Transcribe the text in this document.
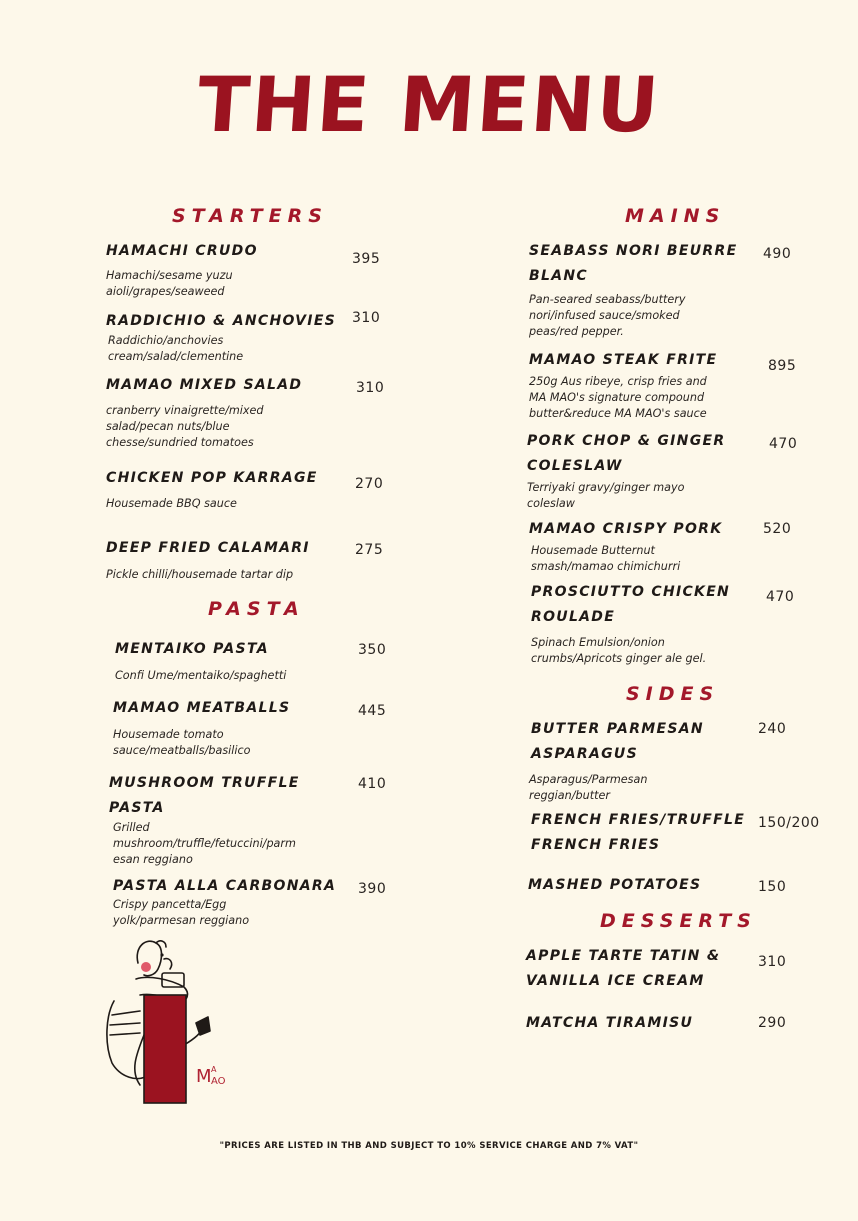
THE MENU
STARTERS
PASTA
MAINS
SIDES
DESSERTS
HAMACHI CRUDO
Hamachi/sesame yuzu
aioli/grapes/seaweed
395
RADDICHIO & ANCHOVIES
Raddichio/anchovies
cream/salad/clementine
310
MAMAO MIXED SALAD
cranberry vinaigrette/mixed
salad/pecan nuts/blue
chesse/sundried tomatoes
310
CHICKEN POP KARRAGE
Housemade BBQ sauce
270
DEEP FRIED CALAMARI
Pickle chilli/housemade tartar dip
275
MENTAIKO PASTA
Confi Ume/mentaiko/spaghetti
350
MAMAO MEATBALLS
Housemade tomato
sauce/meatballs/basilico
445
MUSHROOM TRUFFLE
PASTA
Grilled
mushroom/truffle/fetuccini/parm
esan reggiano
410
PASTA ALLA CARBONARA
Crispy pancetta/Egg
yolk/parmesan reggiano
390
SEABASS NORI BEURRE
BLANC
Pan-seared seabass/buttery
nori/infused sauce/smoked
peas/red pepper.
490
MAMAO STEAK FRITE
250g Aus ribeye, crisp fries and
MA MAO's signature compound
butter&reduce MA MAO's sauce
895
PORK CHOP & GINGER
COLESLAW
Terriyaki gravy/ginger mayo
coleslaw
470
MAMAO CRISPY PORK
Housemade Butternut
smash/mamao chimichurri
520
PROSCIUTTO CHICKEN
ROULADE
Spinach Emulsion/onion
crumbs/Apricots ginger ale gel.
470
BUTTER PARMESAN
ASPARAGUS
Asparagus/Parmesan
reggian/butter
240
FRENCH FRIES/TRUFFLE
FRENCH FRIES
150/200
MASHED POTATOES	150
APPLE TARTE TATIN &
VANILLA ICE CREAM
310
MATCHA TIRAMISU	290
M A
AO
"PRICES ARE LISTED IN THB AND SUBJECT TO 10% SERVICE CHARGE AND 7% VAT"
